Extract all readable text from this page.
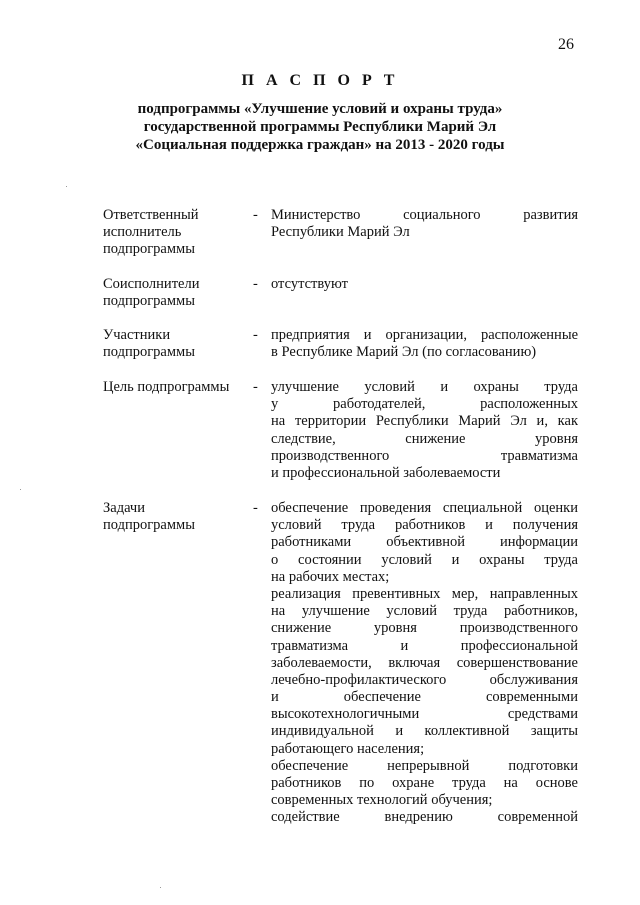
26
П А С П О Р Т
подпрограммы «Улучшение условий и охраны труда»
государственной программы Республики Марий Эл
«Социальная поддержка граждан» на 2013 - 2020 годы
Ответственный
исполнитель
подпрограммы
- Министерство социального развития
Республики Марий Эл
Соисполнители
подпрограммы
- отсутствуют
Участники
подпрограммы
- предприятия и организации, расположенные
в Республике Марий Эл (по согласованию)
Цель подпрограммы	- улучшение условий и охраны труда
у работодателей, расположенных
на территории Республики Марий Эл и, как
следствие, снижение уровня
производственного травматизма
и профессиональной заболеваемости
Задачи
подпрограммы
- обеспечение проведения специальной оценки
условий труда работников и получения
работниками объективной информации
о состоянии условий и охраны труда
на рабочих местах;
реализация превентивных мер, направленных
на улучшение условий труда работников,
снижение уровня производственного
травматизма и профессиональной
заболеваемости, включая совершенствование
лечебно-профилактического обслуживания
и обеспечение современными
высокотехнологичными средствами
индивидуальной и коллективной защиты
работающего населения;
обеспечение непрерывной подготовки
работников по охране труда на основе
современных технологий обучения;
содействие внедрению современной
